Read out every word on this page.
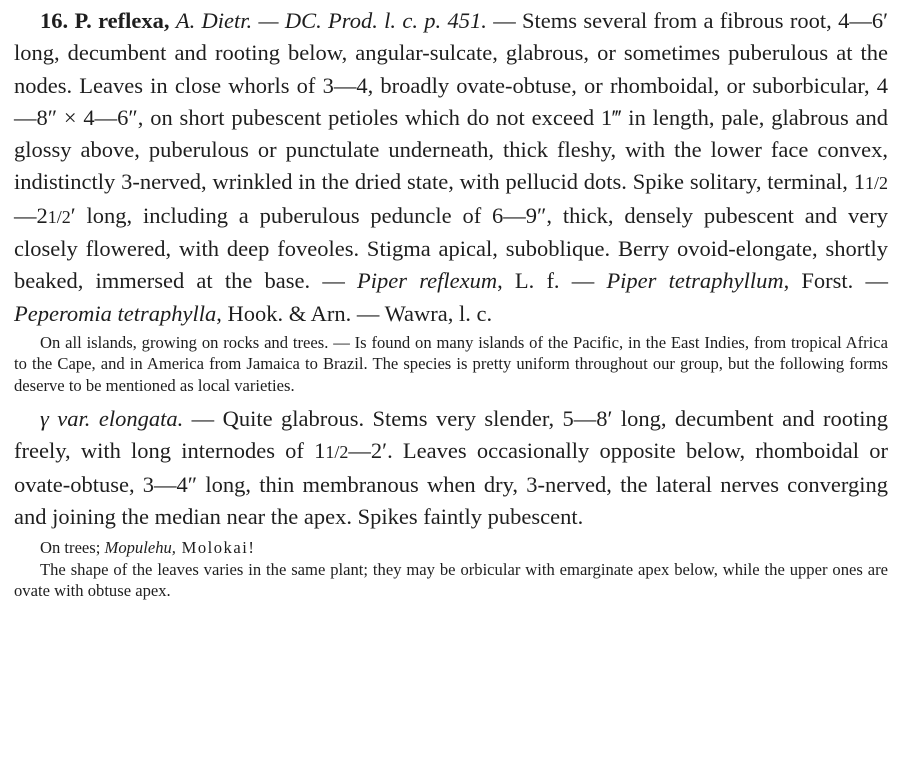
16. P. reflexa, A. Dietr. — DC. Prod. l. c. p. 451. — Stems several from a fibrous root, 4—6′ long, decumbent and rooting below, angular-sulcate, glabrous, or sometimes puberulous at the nodes. Leaves in close whorls of 3—4, broadly ovate-obtuse, or rhomboidal, or suborbicular, 4—8″ × 4—6″, on short pubescent petioles which do not exceed 1‴ in length, pale, glabrous and glossy above, puberulous or punctulate underneath, thick fleshy, with the lower face convex, indistinctly 3-nerved, wrinkled in the dried state, with pellucid dots. Spike solitary, terminal, 11/2—21/2′ long, including a puberulous peduncle of 6—9″, thick, densely pubescent and very closely flowered, with deep foveoles. Stigma apical, suboblique. Berry ovoid-elongate, shortly beaked, immersed at the base. — Piper reflexum, L. f. — Piper tetraphyllum, Forst. — Peperomia tetraphylla, Hook. & Arn. — Wawra, l. c.

On all islands, growing on rocks and trees. — Is found on many islands of the Pacific, in the East Indies, from tropical Africa to the Cape, and in America from Jamaica to Brazil. The species is pretty uniform throughout our group, but the following forms deserve to be mentioned as local varieties.

γ var. elongata. — Quite glabrous. Stems very slender, 5—8′ long, decumbent and rooting freely, with long internodes of 11/2—2′. Leaves occasionally opposite below, rhomboidal or ovate-obtuse, 3—4″ long, thin membranous when dry, 3-nerved, the lateral nerves converging and joining the median near the apex. Spikes faintly pubescent.

On trees; Mopulehu, Molokai!

The shape of the leaves varies in the same plant; they may be orbicular with emarginate apex below, while the upper ones are ovate with obtuse apex.
